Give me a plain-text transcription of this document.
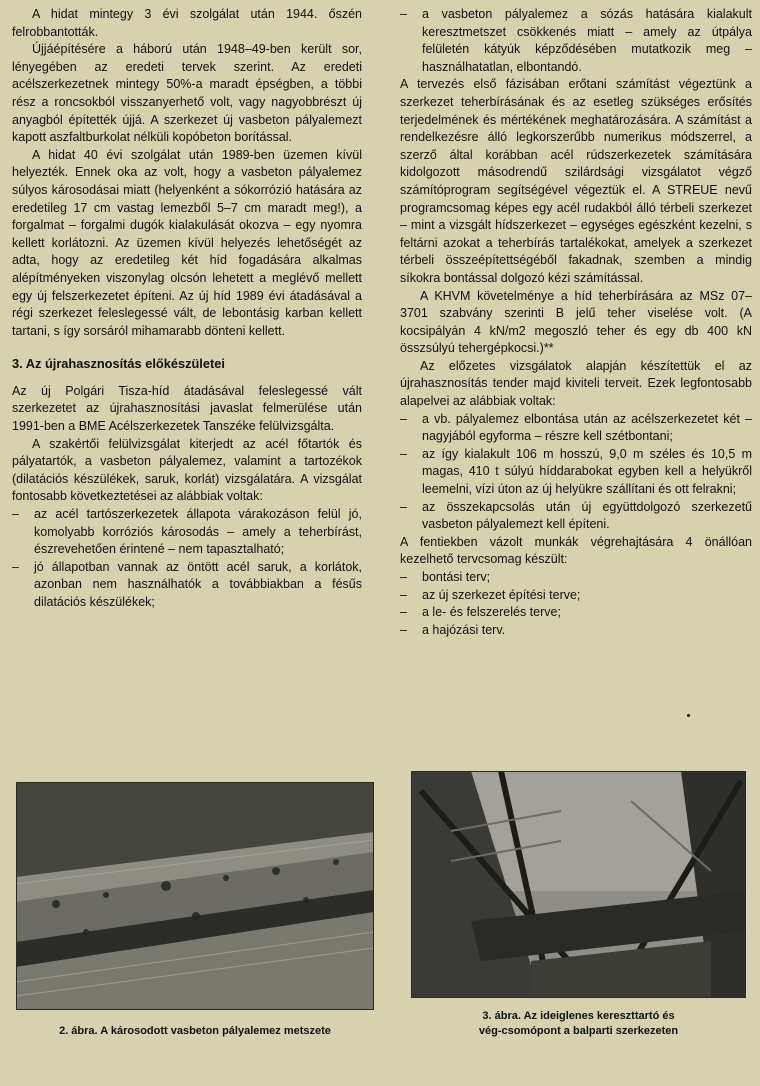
A hidat mintegy 3 évi szolgálat után 1944. őszén felrobbantották.

Újjáépítésére a háború után 1948–49-ben került sor, lényegében az eredeti tervek szerint. Az eredeti acélszerkezetnek mintegy 50%-a maradt épségben, a többi rész a roncsokból visszanyerhető volt, vagy nagyobbrészt új anyagból építették újjá. A szerkezet új vasbeton pályalemezt kapott aszfaltburkolat nélküli kopóbeton borítással.

A hidat 40 évi szolgálat után 1989-ben üzemen kívül helyezték. Ennek oka az volt, hogy a vasbeton pályalemez súlyos károsodásai miatt (helyenként a sókorrózió hatására az eredetileg 17 cm vastag lemezből 5–7 cm maradt meg!), a forgalmat – forgalmi dugók kialakulását okozva – egy nyomra kellett korlátozni. Az üzemen kívül helyezés lehetőségét az adta, hogy az eredetileg két híd fogadására alkalmas alépítményeken viszonylag olcsón lehetett a meglévő mellett egy új felszerkezetet építeni. Az új híd 1989 évi átadásával a régi szerkezet feleslegessé vált, de lebontásig karban kellett tartani, s így sorsáról mihamarabb dönteni kellett.

3. Az újrahasznosítás előkészületei

Az új Polgári Tisza-híd átadásával feleslegessé vált szerkezetet az újrahasznosítási javaslat felmerülése után 1991-ben a BME Acélszerkezetek Tanszéke felülvizsgálta.

A szakértői felülvizsgálat kiterjedt az acél főtartók és pályatartók, a vasbeton pályalemez, valamint a tartozékok (dilatációs készülékek, saruk, korlát) vizsgálatára. A vizsgálat fontosabb következtetései az alábbiak voltak:

–	az acél tartószerkezetek állapota várakozáson felül jó, komolyabb korróziós károsodás – amely a teherbírást, észrevehetően érintené – nem tapasztalható;
–	jó állapotban vannak az öntött acél saruk, a korlátok, azonban nem használhatók a továbbiakban a fésűs dilatációs készülékek;
–	a vasbeton pályalemez a sózás hatására kialakult keresztmetszet csökkenés miatt – amely az útpálya felületén kátyúk képződésében mutatkozik meg – használhatatlan, elbontandó.

A tervezés első fázisában erőtani számítást végeztünk a szerkezet teherbírásának és az esetleg szükséges erősítés terjedelmének és mértékének meghatározására. A számítást a rendelkezésre álló legkorszerűbb numerikus módszerrel, a szerző által korábban acél rúdszerkezetek számítására kidolgozott másodrendű szilárdsági vizsgálatot végző számítóprogram segítségével végeztük el. A STREUE nevű programcsomag képes egy acél rudakból álló térbeli szerkezet – mint a vizsgált hídszerkezet – egységes egészként kezelni, s feltárni azokat a teherbírás tartalékokat, amelyek a szerkezet térbeli összeépítettségéből fakadnak, szemben a mindig síkokra bontással dolgozó kézi számítással.

A KHVM követelménye a híd teherbírására az MSz 07–3701 szabvány szerinti B jelű teher viselése volt. (A kocsipályán 4 kN/m2 megoszló teher és egy db 400 kN összsúlyú tehergépkocsi.)**

Az előzetes vizsgálatok alapján készítettük el az újrahasznosítás tender majd kiviteli terveit. Ezek legfontosabb alapelvei az alábbiak voltak:

–	a vb. pályalemez elbontása után az acélszerkezetet két – nagyjából egyforma – részre kell szétbontani;
–	az így kialakult 106 m hosszú, 9,0 m széles és 10,5 m magas, 410 t súlyú híddarabokat egyben kell a helyükről leemelni, vízi úton az új helyükre szállítani és ott felrakni;
–	az összekapcsolás után új együttdolgozó szerkezetű vasbeton pályalemezt kell építeni.

A fentiekben vázolt munkák végrehajtására 4 önállóan kezelhető tervcsomag készült:

–	bontási terv;
–	az új szerkezet építési terve;
–	a le- és felszerelés terve;
–	a hajózási terv.
2. ábra. A károsodott vasbeton pályalemez metszete
3. ábra. Az ideiglenes kereszttartó és
vég-csomópont a balparti szerkezeten
